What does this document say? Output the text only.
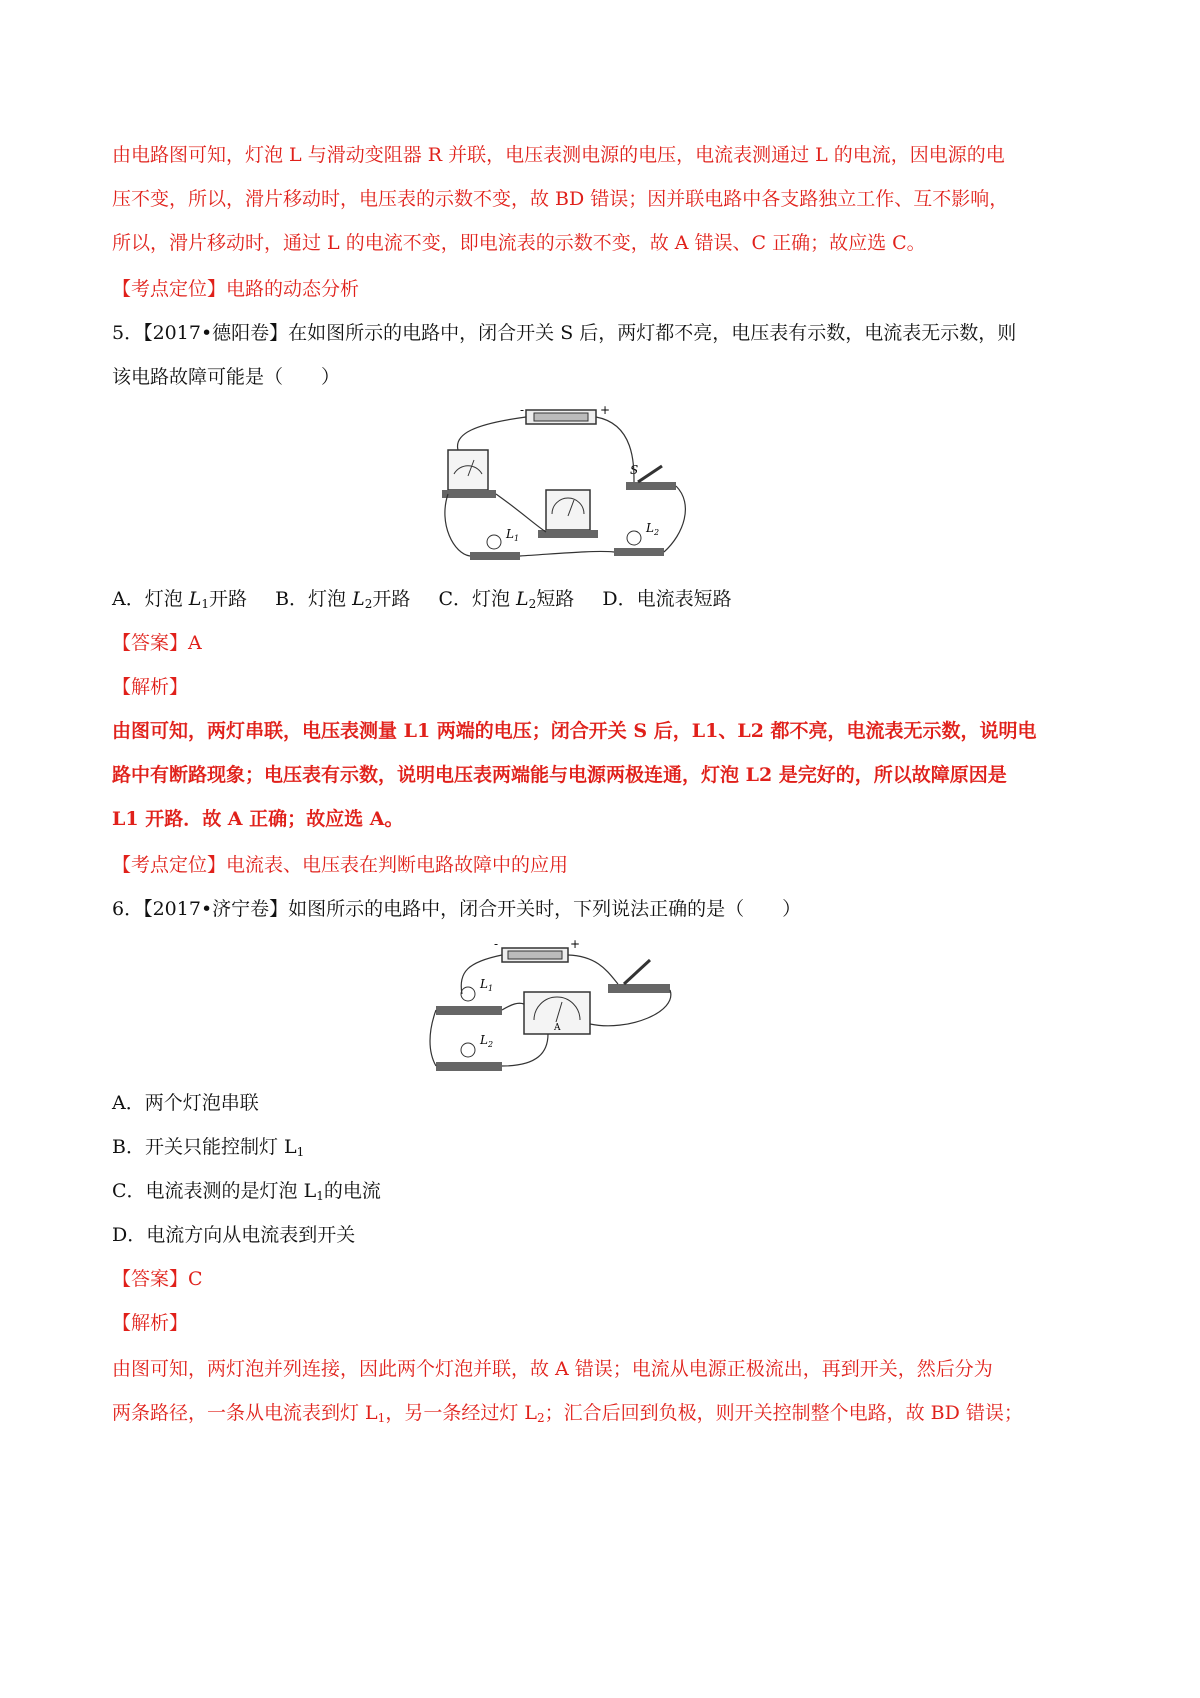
由电路图可知，灯泡 L 与滑动变阻器 R 并联，电压表测电源的电压，电流表测通过 L 的电流，因电源的电
压不变，所以，滑片移动时，电压表的示数不变，故 BD 错误；因并联电路中各支路独立工作、互不影响，
所以，滑片移动时，通过 L 的电流不变，即电流表的示数不变，故 A 错误、C 正确；故应选 C。
【考点定位】电路的动态分析
5．【2017•德阳卷】在如图所示的电路中，闭合开关 S 后，两灯都不亮，电压表有示数，电流表无示数，则
该电路故障可能是（　　）
-	+
S
$L_1$
$L_2$
A．灯泡 $L_1$开路 B．灯泡 $L_2$开路 C．灯泡 $L_2$短路 D．电流表短路
【答案】A
【解析】
由图可知，两灯串联，电压表测量 L1 两端的电压；闭合开关 S 后，L1、L2 都不亮，电流表无示数，说明电
路中有断路现象；电压表有示数，说明电压表两端能与电源两极连通，灯泡 L2 是完好的，所以故障原因是
L1 开路．故 A 正确；故应选 A。
【考点定位】电流表、电压表在判断电路故障中的应用
6．【2017•济宁卷】如图所示的电路中，闭合开关时，下列说法正确的是（　　）
-	+
A
$L_1$
$L_2$
A．两个灯泡串联
B．开关只能控制灯 $L_1$
C．电流表测的是灯泡 $L_1$的电流
D．电流方向从电流表到开关
【答案】C
【解析】
由图可知，两灯泡并列连接，因此两个灯泡并联，故 A 错误；电流从电源正极流出，再到开关，然后分为
两条路径，一条从电流表到灯 $L_1$，另一条经过灯 $L_2$；汇合后回到负极，则开关控制整个电路，故 BD 错误；
